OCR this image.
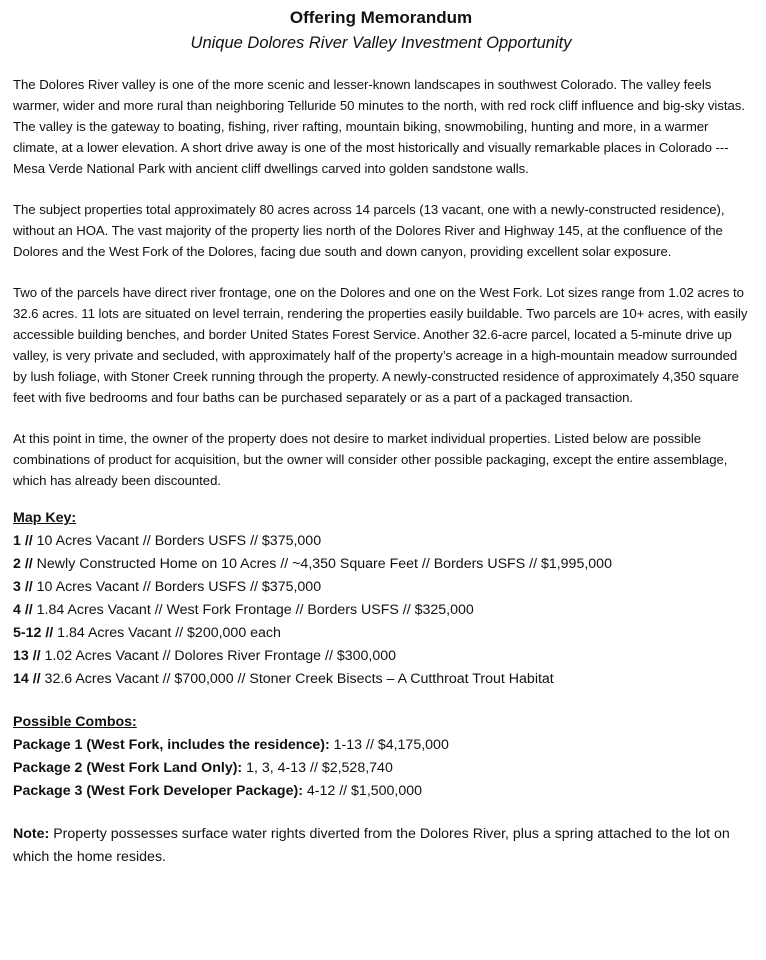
Offering Memorandum

Unique Dolores River Valley Investment Opportunity

The Dolores River valley is one of the more scenic and lesser-known landscapes in southwest Colorado. The valley feels warmer, wider and more rural than neighboring Telluride 50 minutes to the north, with red rock cliff influence and big-sky vistas. The valley is the gateway to boating, fishing, river rafting, mountain biking, snowmobiling, hunting and more, in a warmer climate, at a lower elevation. A short drive away is one of the most historically and visually remarkable places in Colorado --- Mesa Verde National Park with ancient cliff dwellings carved into golden sandstone walls.

The subject properties total approximately 80 acres across 14 parcels (13 vacant, one with a newly-constructed residence), without an HOA. The vast majority of the property lies north of the Dolores River and Highway 145, at the confluence of the Dolores and the West Fork of the Dolores, facing due south and down canyon, providing excellent solar exposure.

Two of the parcels have direct river frontage, one on the Dolores and one on the West Fork. Lot sizes range from 1.02 acres to 32.6 acres. 11 lots are situated on level terrain, rendering the properties easily buildable. Two parcels are 10+ acres, with easily accessible building benches, and border United States Forest Service. Another 32.6-acre parcel, located a 5-minute drive up valley, is very private and secluded, with approximately half of the property’s acreage in a high-mountain meadow surrounded by lush foliage, with Stoner Creek running through the property. A newly-constructed residence of approximately 4,350 square feet with five bedrooms and four baths can be purchased separately or as a part of a packaged transaction.

At this point in time, the owner of the property does not desire to market individual properties. Listed below are possible combinations of product for acquisition, but the owner will consider other possible packaging, except the entire assemblage, which has already been discounted.

Map Key:

1 // 10 Acres Vacant // Borders USFS // $375,000

2 // Newly Constructed Home on 10 Acres // ~4,350 Square Feet // Borders USFS // $1,995,000

3 // 10 Acres Vacant // Borders USFS // $375,000

4 // 1.84 Acres Vacant // West Fork Frontage // Borders USFS // $325,000

5-12 // 1.84 Acres Vacant // $200,000 each

13 // 1.02 Acres Vacant // Dolores River Frontage // $300,000

14 // 32.6 Acres Vacant // $700,000 // Stoner Creek Bisects – A Cutthroat Trout Habitat

Possible Combos:

Package 1 (West Fork, includes the residence): 1-13 // $4,175,000

Package 2 (West Fork Land Only): 1, 3, 4-13 // $2,528,740

Package 3 (West Fork Developer Package): 4-12 // $1,500,000

Note: Property possesses surface water rights diverted from the Dolores River, plus a spring attached to the lot on which the home resides.
